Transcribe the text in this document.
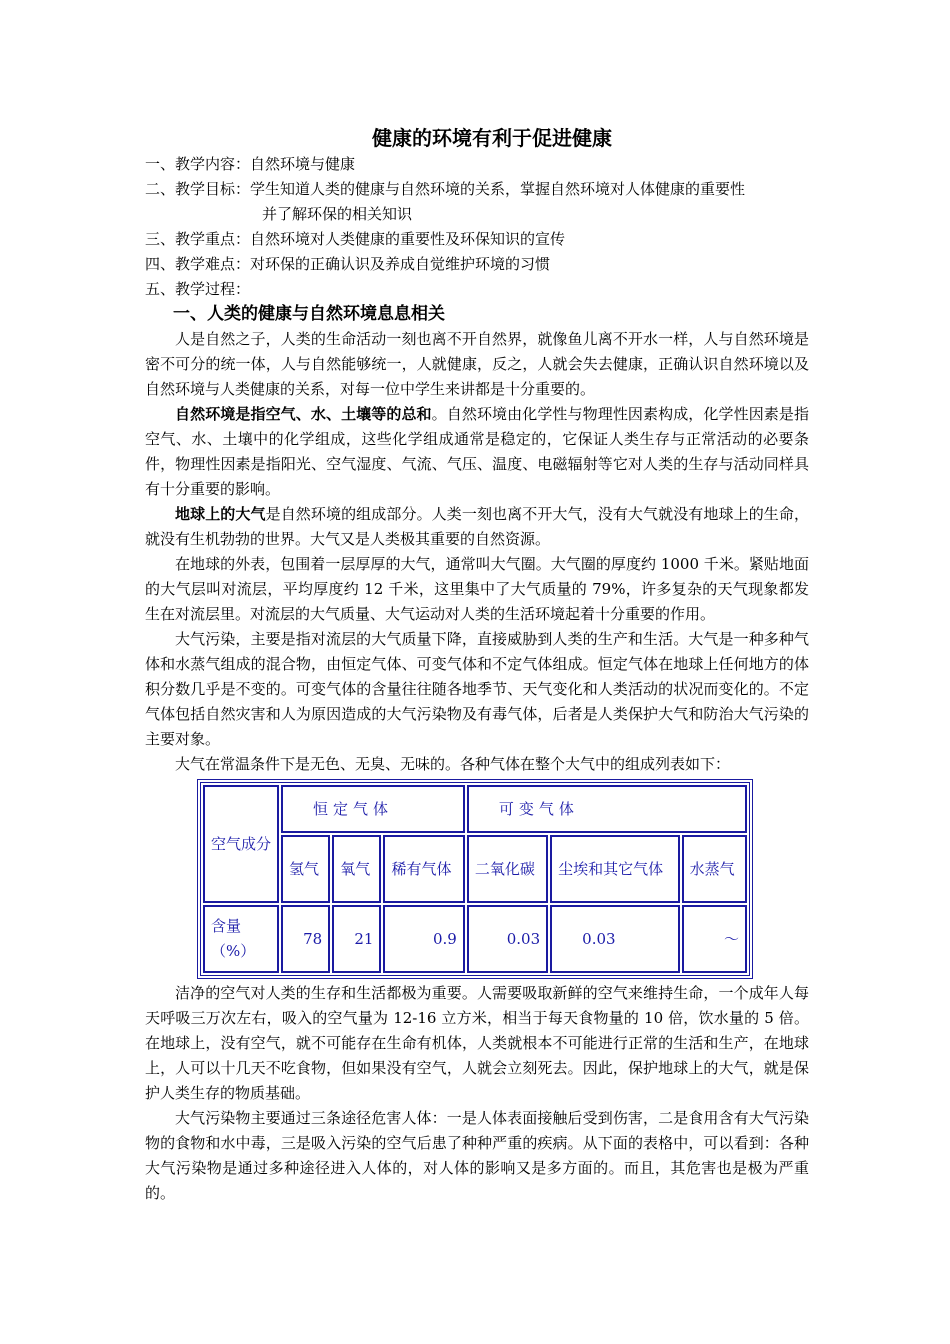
健康的环境有利于促进健康

一、教学内容：自然环境与健康

二、教学目标：学生知道人类的健康与自然环境的关系，掌握自然环境对人体健康的重要性

并了解环保的相关知识

三、教学重点：自然环境对人类健康的重要性及环保知识的宣传

四、教学难点：对环保的正确认识及养成自觉维护环境的习惯

五、教学过程：

一、人类的健康与自然环境息息相关

人是自然之子，人类的生命活动一刻也离不开自然界，就像鱼儿离不开水一样，人与自然环境是密不可分的统一体，人与自然能够统一，人就健康，反之，人就会失去健康，正确认识自然环境以及自然环境与人类健康的关系，对每一位中学生来讲都是十分重要的。

自然环境是指空气、水、土壤等的总和。自然环境由化学性与物理性因素构成，化学性因素是指空气、水、土壤中的化学组成，这些化学组成通常是稳定的，它保证人类生存与正常活动的必要条件，物理性因素是指阳光、空气湿度、气流、气压、温度、电磁辐射等它对人类的生存与活动同样具有十分重要的影响。

地球上的大气是自然环境的组成部分。人类一刻也离不开大气，没有大气就没有地球上的生命，就没有生机勃勃的世界。大气又是人类极其重要的自然资源。

在地球的外表，包围着一层厚厚的大气，通常叫大气圈。大气圈的厚度约 1000 千米。紧贴地面的大气层叫对流层，平均厚度约 12 千米，这里集中了大气质量的 79%，许多复杂的天气现象都发生在对流层里。对流层的大气质量、大气运动对人类的生活环境起着十分重要的作用。

大气污染，主要是指对流层的大气质量下降，直接威胁到人类的生产和生活。大气是一种多种气体和水蒸气组成的混合物，由恒定气体、可变气体和不定气体组成。恒定气体在地球上任何地方的体积分数几乎是不变的。可变气体的含量往往随各地季节、天气变化和人类活动的状况而变化的。不定气体包括自然灾害和人为原因造成的大气污染物及有毒气体，后者是人类保护大气和防治大气污染的主要对象。

大气在常温条件下是无色、无臭、无味的。各种气体在整个大气中的组成列表如下：

空气成分	恒定气体			可变气体		
	氢气	氧气	稀有气体	二氧化碳	尘埃和其它气体	水蒸气
含量（%）	78	21	0.9	0.03	0.03	～

洁净的空气对人类的生存和生活都极为重要。人需要吸取新鲜的空气来维持生命，一个成年人每天呼吸三万次左右，吸入的空气量为 12-16 立方米，相当于每天食物量的 10 倍，饮水量的 5 倍。在地球上，没有空气，就不可能存在生命有机体，人类就根本不可能进行正常的生活和生产，在地球上，人可以十几天不吃食物，但如果没有空气，人就会立刻死去。因此，保护地球上的大气，就是保护人类生存的物质基础。

大气污染物主要通过三条途径危害人体：一是人体表面接触后受到伤害，二是食用含有大气污染物的食物和水中毒，三是吸入污染的空气后患了种种严重的疾病。从下面的表格中，可以看到：各种大气污染物是通过多种途径进入人体的，对人体的影响又是多方面的。而且，其危害也是极为严重的。
